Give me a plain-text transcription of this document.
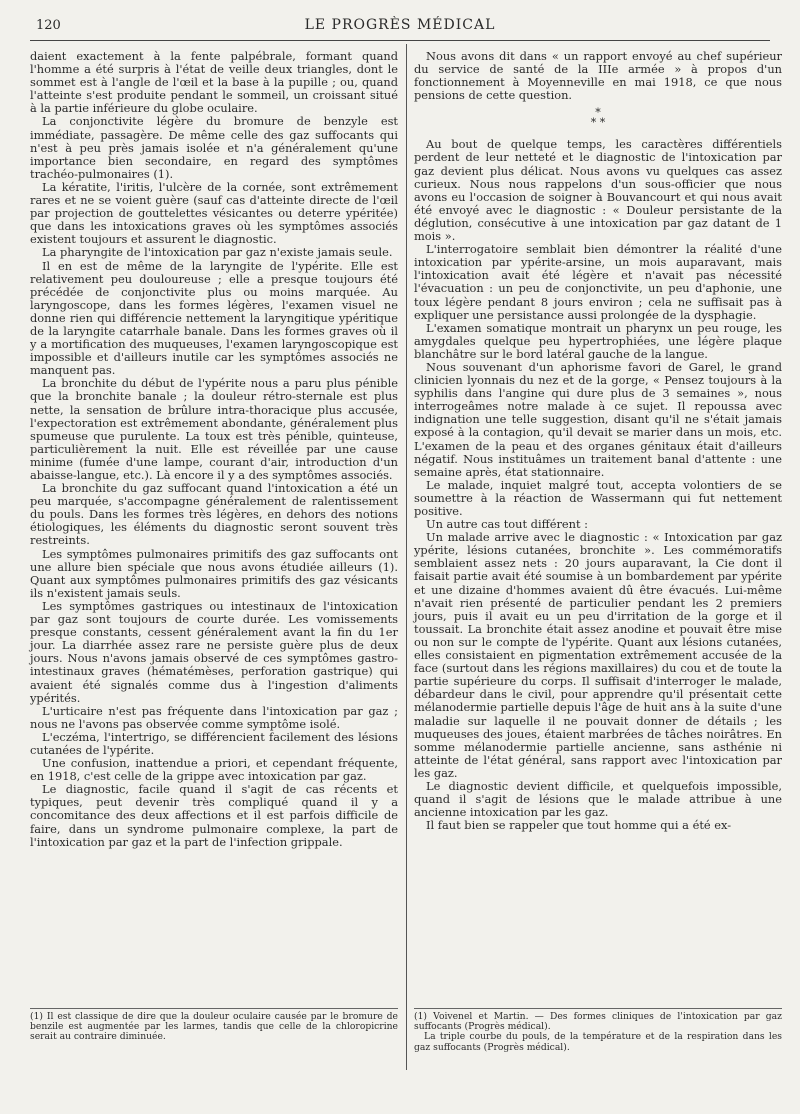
120	LE PROGRÈS MÉDICAL

daient exactement à la fente palpébrale, formant quand l'homme a été surpris à l'état de veille deux triangles, dont le sommet est à l'angle de l'œil et la base à la pupille ; ou, quand l'atteinte s'est produite pendant le sommeil, un croissant situé à la partie inférieure du globe oculaire.

La conjonctivite légère du bromure de benzyle est immédiate, passagère. De même celle des gaz suffocants qui n'est à peu près jamais isolée et n'a généralement qu'une importance bien secondaire, en regard des symptômes trachéo-pulmonaires (1).

La kératite, l'iritis, l'ulcère de la cornée, sont extrêmement rares et ne se voient guère (sauf cas d'atteinte directe de l'œil par projection de gouttelettes vésicantes ou deterre ypéritée) que dans les intoxications graves où les symptômes associés existent toujours et assurent le diagnostic.

La pharyngite de l'intoxication par gaz n'existe jamais seule.

Il en est de même de la laryngite de l'ypérite. Elle est relativement peu douloureuse ; elle a presque toujours été précédée de conjonctivite plus ou moins marquée. Au laryngoscope, dans les formes légères, l'examen visuel ne donne rien qui différencie nettement la laryngitique ypéritique de la laryngite catarrhale banale. Dans les formes graves où il y a mortification des muqueuses, l'examen laryngoscopique est impossible et d'ailleurs inutile car les symptômes associés ne manquent pas.

La bronchite du début de l'ypérite nous a paru plus pénible que la bronchite banale ; la douleur rétro-sternale est plus nette, la sensation de brûlure intra-thoracique plus accusée, l'expectoration est extrêmement abondante, généralement plus spumeuse que purulente. La toux est très pénible, quinteuse, particulièrement la nuit. Elle est réveillée par une cause minime (fumée d'une lampe, courant d'air, introduction d'un abaisse-langue, etc.). Là encore il y a des symptômes associés.

La bronchite du gaz suffocant quand l'intoxication a été un peu marquée, s'accompagne généralement de ralentissement du pouls. Dans les formes très légères, en dehors des notions étiologiques, les éléments du diagnostic seront souvent très restreints.

Les symptômes pulmonaires primitifs des gaz suffocants ont une allure bien spéciale que nous avons étudiée ailleurs (1). Quant aux symptômes pulmonaires primitifs des gaz vésicants ils n'existent jamais seuls.

Les symptômes gastriques ou intestinaux de l'intoxication par gaz sont toujours de courte durée. Les vomissements presque constants, cessent généralement avant la fin du 1er jour. La diarrhée assez rare ne persiste guère plus de deux jours. Nous n'avons jamais observé de ces symptômes gastro-intestinaux graves (hématémèses, perforation gastrique) qui avaient été signalés comme dus à l'ingestion d'aliments ypérités.

L'urticaire n'est pas fréquente dans l'intoxication par gaz ; nous ne l'avons pas observée comme symptôme isolé.

L'eczéma, l'intertrigo, se différencient facilement des lésions cutanées de l'ypérite.

Une confusion, inattendue a priori, et cependant fréquente, en 1918, c'est celle de la grippe avec intoxication par gaz.

Le diagnostic, facile quand il s'agit de cas récents et typiques, peut devenir très compliqué quand il y a concomitance des deux affections et il est parfois difficile de faire, dans un syndrome pulmonaire complexe, la part de l'intoxication par gaz et la part de l'infection grippale.

Nous avons dit dans « un rapport envoyé au chef supérieur du service de santé de la IIIe armée » à propos d'un fonctionnement à Moyenneville en mai 1918, ce que nous pensions de cette question.

*
* *

Au bout de quelque temps, les caractères différentiels perdent de leur netteté et le diagnostic de l'intoxication par gaz devient plus délicat. Nous avons vu quelques cas assez curieux. Nous nous rappelons d'un sous-officier que nous avons eu l'occasion de soigner à Bouvancourt et qui nous avait été envoyé avec le diagnostic : « Douleur persistante de la déglution, consécutive à une intoxication par gaz datant de 1 mois ».

L'interrogatoire semblait bien démontrer la réalité d'une intoxication par ypérite-arsine, un mois auparavant, mais l'intoxication avait été légère et n'avait pas nécessité l'évacuation : un peu de conjonctivite, un peu d'aphonie, une toux légère pendant 8 jours environ ; cela ne suffisait pas à expliquer une persistance aussi prolongée de la dysphagie.

L'examen somatique montrait un pharynx un peu rouge, les amygdales quelque peu hypertrophiées, une légère plaque blanchâtre sur le bord latéral gauche de la langue.

Nous souvenant d'un aphorisme favori de Garel, le grand clinicien lyonnais du nez et de la gorge, « Pensez toujours à la syphilis dans l'angine qui dure plus de 3 semaines », nous interrogeâmes notre malade à ce sujet. Il repoussa avec indignation une telle suggestion, disant qu'il ne s'était jamais exposé à la contagion, qu'il devait se marier dans un mois, etc. L'examen de la peau et des organes génitaux était d'ailleurs négatif. Nous instituâmes un traitement banal d'attente : une semaine après, état stationnaire.

Le malade, inquiet malgré tout, accepta volontiers de se soumettre à la réaction de Wassermann qui fut nettement positive.

Un autre cas tout différent :

Un malade arrive avec le diagnostic : « Intoxication par gaz ypérite, lésions cutanées, bronchite ». Les commémoratifs semblaient assez nets : 20 jours auparavant, la Cie dont il faisait partie avait été soumise à un bombardement par ypérite et une dizaine d'hommes avaient dû être évacués. Lui-même n'avait rien présenté de particulier pendant les 2 premiers jours, puis il avait eu un peu d'irritation de la gorge et il toussait. La bronchite était assez anodine et pouvait être mise ou non sur le compte de l'ypérite. Quant aux lésions cutanées, elles consistaient en pigmentation extrêmement accusée de la face (surtout dans les régions maxillaires) du cou et de toute la partie supérieure du corps. Il suffisait d'interroger le malade, débardeur dans le civil, pour apprendre qu'il présentait cette mélanodermie partielle depuis l'âge de huit ans à la suite d'une maladie sur laquelle il ne pouvait donner de détails ; les muqueuses des joues, étaient marbrées de tâches noirâtres. En somme mélanodermie partielle ancienne, sans asthénie ni atteinte de l'état général, sans rapport avec l'intoxication par les gaz.

Le diagnostic devient difficile, et quelquefois impossible, quand il s'agit de lésions que le malade attribue à une ancienne intoxication par les gaz.

Il faut bien se rappeler que tout homme qui a été ex-

(1) Il est classique de dire que la douleur oculaire causée par le bromure de benzile est augmentée par les larmes, tandis que celle de la chloropicrine serait au contraire diminuée.

(1) Voivenel et Martin. — Des formes cliniques de l'intoxication par gaz suffocants (Progrès médical).

La triple courbe du pouls, de la température et de la respiration dans les gaz suffocants (Progrès médical).
